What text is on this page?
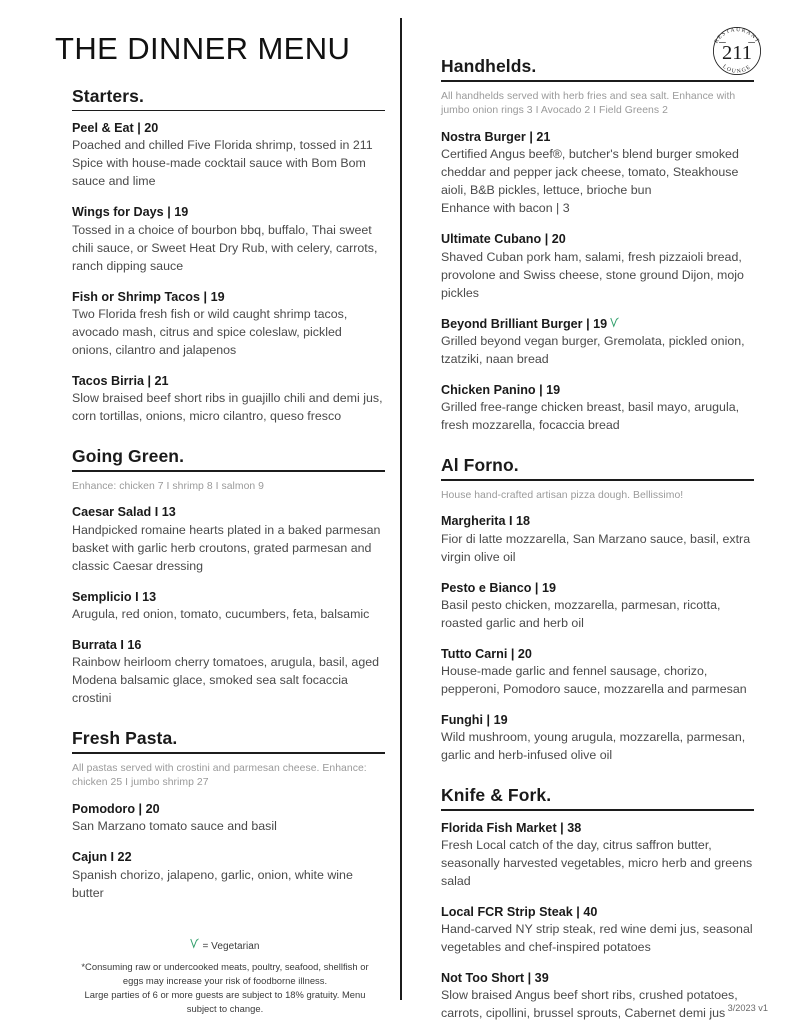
RESTAURANT
LOUNGE
211
THE DINNER MENU
Starters.
Peel & Eat | 20
Poached and chilled Five Florida shrimp, tossed in 211 Spice with house-made cocktail sauce with Bom Bom sauce and lime
Wings for Days | 19
Tossed in a choice of bourbon bbq, buffalo, Thai sweet chili sauce, or Sweet Heat Dry Rub, with celery, carrots, ranch dipping sauce
Fish or Shrimp Tacos | 19
Two Florida fresh fish or wild caught shrimp tacos, avocado mash, citrus and spice coleslaw, pickled onions, cilantro and jalapenos
Tacos Birria | 21
Slow braised beef short ribs in guajillo chili and demi jus, corn tortillas, onions, micro cilantro, queso fresco
Going Green.
Enhance: chicken 7 I shrimp 8 I salmon 9
Caesar Salad I 13
Handpicked romaine hearts plated in a baked parmesan basket with garlic herb croutons, grated parmesan and classic Caesar dressing
Semplicio I 13
Arugula, red onion, tomato, cucumbers, feta, balsamic
Burrata I 16
Rainbow heirloom cherry tomatoes, arugula, basil, aged Modena balsamic glace, smoked sea salt focaccia crostini
Fresh Pasta.
All pastas served with crostini and parmesan cheese. Enhance: chicken 25 I jumbo shrimp 27
Pomodoro | 20
San Marzano tomato sauce and basil
Cajun I 22
Spanish chorizo, jalapeno, garlic, onion, white wine butter
Handhelds.
All handhelds served with herb fries and sea salt. Enhance with jumbo onion rings 3 I Avocado 2 I Field Greens 2
Nostra Burger | 21
Certified Angus beef®, butcher's blend burger smoked cheddar and pepper jack cheese, tomato, Steakhouse aioli, B&B pickles, lettuce, brioche bun
Enhance with bacon | 3
Ultimate Cubano | 20
Shaved Cuban pork ham, salami, fresh pizzaioli bread, provolone and Swiss cheese, stone ground Dijon, mojo pickles
Beyond Brilliant Burger | 19
Grilled beyond vegan burger, Gremolata, pickled onion, tzatziki, naan bread
Chicken Panino | 19
Grilled free-range chicken breast, basil mayo, arugula, fresh mozzarella, focaccia bread
Al Forno.
House hand-crafted artisan pizza dough. Bellissimo!
Margherita I 18
Fior di latte mozzarella, San Marzano sauce, basil, extra virgin olive oil
Pesto e Bianco | 19
Basil pesto chicken, mozzarella, parmesan, ricotta, roasted garlic and herb oil
Tutto Carni | 20
House-made garlic and fennel sausage, chorizo, pepperoni, Pomodoro sauce, mozzarella and parmesan
Funghi | 19
Wild mushroom, young arugula, mozzarella, parmesan, garlic and herb-infused olive oil
Knife & Fork.
Florida Fish Market | 38
Fresh Local catch of the day, citrus saffron butter, seasonally harvested vegetables, micro herb and greens salad
Local FCR Strip Steak | 40
Hand-carved NY strip steak, red wine demi jus, seasonal vegetables and chef-inspired potatoes
Not Too Short | 39
Slow braised Angus beef short ribs, crushed potatoes, carrots, cipollini, brussel sprouts, Cabernet demi jus
= Vegetarian
*Consuming raw or undercooked meats, poultry, seafood, shellfish or
eggs may increase your risk of foodborne illness.
Large parties of 6 or more guests are subject to 18% gratuity. Menu
subject to change.	3/2023 v1
